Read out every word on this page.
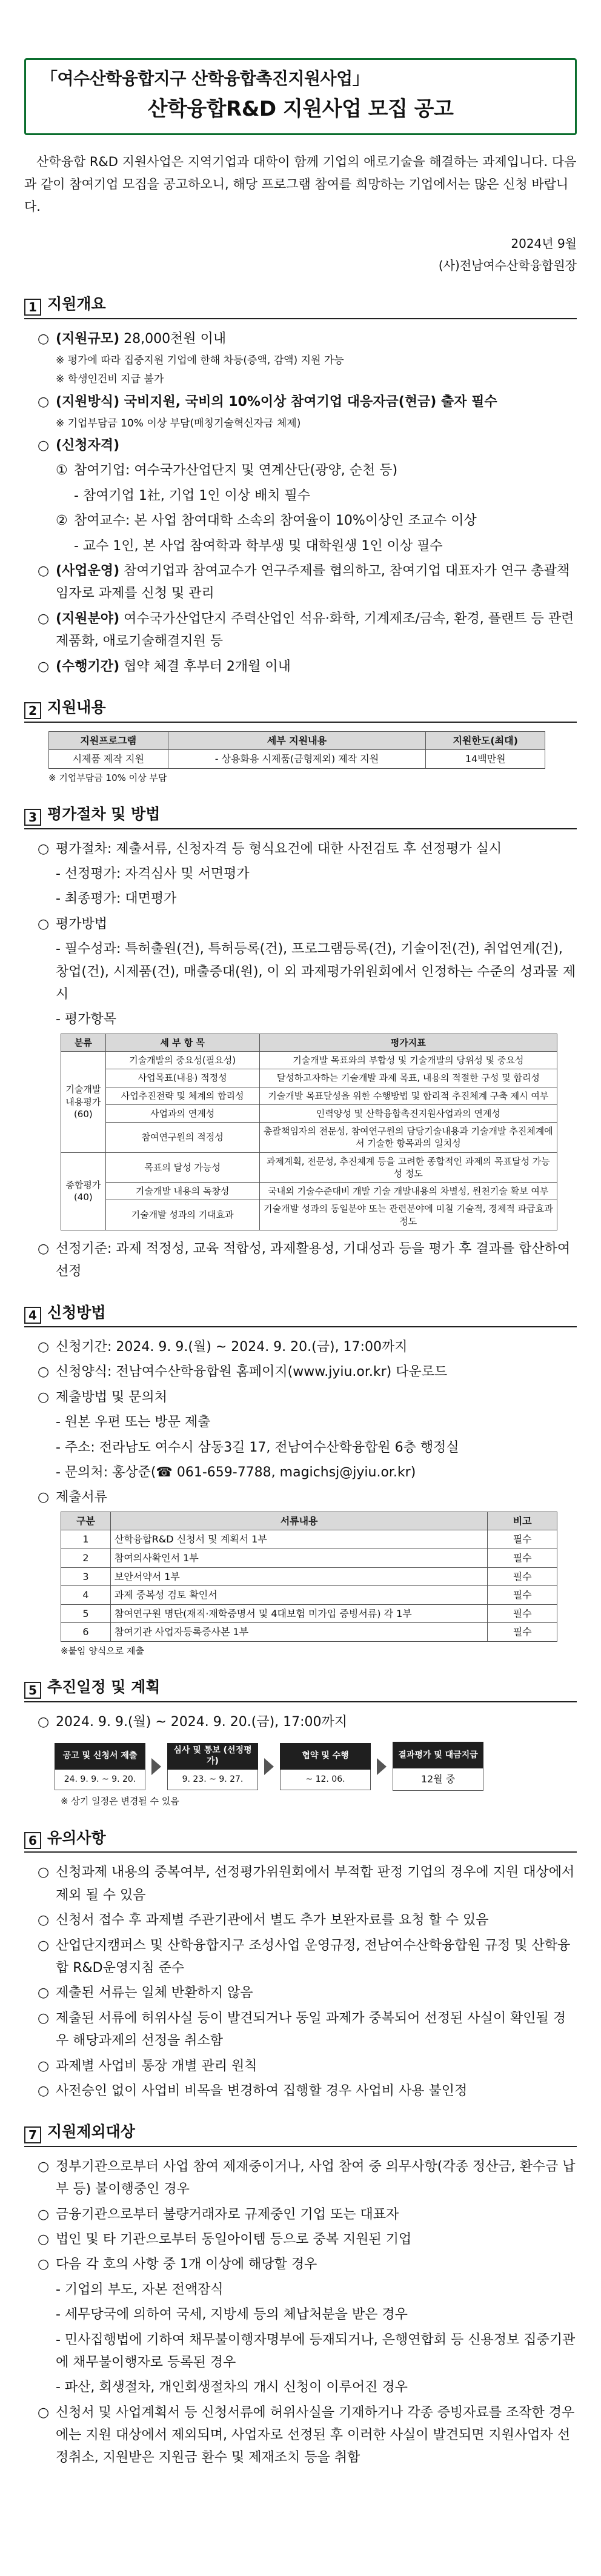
「여수산학융합지구 산학융합촉진지원사업」
산학융합R&D 지원사업 모집 공고

산학융합 R&D 지원사업은 지역기업과 대학이 함께 기업의 애로기술을 해결하는 과제입니다. 다음과 같이 참여기업 모집을 공고하오니, 해당 프로그램 참여를 희망하는 기업에서는 많은 신청 바랍니다.

2024년 9월
(사)전남여수산학융합원장
1 지원개요
○ (지원규모) 28,000천원 이내
※ 평가에 따라 집중지원 기업에 한해 차등(증액, 감액) 지원 가능
※ 학생인건비 지급 불가
○ (지원방식) 국비지원, 국비의 10%이상 참여기업 대응자금(현금) 출자 필수
※ 기업부담금 10% 이상 부담(매칭기술혁신자금 체제)
○ (신청자격)
① 참여기업: 여수국가산업단지 및 연계산단(광양, 순천 등)
- 참여기업 1社, 기업 1인 이상 배치 필수
② 참여교수: 본 사업 참여대학 소속의 참여율이 10%이상인 조교수 이상
- 교수 1인, 본 사업 참여학과 학부생 및 대학원생 1인 이상 필수
○ (사업운영) 참여기업과 참여교수가 연구주제를 협의하고, 참여기업 대표자가 연구 총괄책임자로 과제를 신청 및 관리
○ (지원분야) 여수국가산업단지 주력산업인 석유·화학, 기계제조/금속, 환경, 플랜트 등 관련 제품화, 애로기술해결지원 등
○ (수행기간) 협약 체결 후부터 2개월 이내
2 지원내용
지원프로그램	세부 지원내용	지원한도(최대)
시제품 제작 지원	- 상용화용 시제품(금형제외) 제작 지원	14백만원
※ 기업부담금 10% 이상 부담
3 평가절차 및 방법
○ 평가절차: 제출서류, 신청자격 등 형식요건에 대한 사전검토 후 선정평가 실시
- 선정평가: 자격심사 및 서면평가
- 최종평가: 대면평가
○ 평가방법
- 필수성과: 특허출원(건), 특허등록(건), 프로그램등록(건), 기술이전(건), 취업연계(건), 창업(건), 시제품(건), 매출증대(원), 이 외 과제평가위원회에서 인정하는 수준의 성과물 제시
- 평가항목
분류	세 부 항 목	평가지표
기술개발내용평가(60)	기술개발의 중요성(필요성)	기술개발 목표와의 부합성 및 기술개발의 당위성 및 중요성
	사업목표(내용) 적정성	달성하고자하는 기술개발 과제 목표, 내용의 적절한 구성 및 합리성
	사업추진전략 및 체계의 합리성	기술개발 목표달성을 위한 수행방법 및 합리적 추진체계 구축 제시 여부
	사업과의 연계성	인력양성 및 산학융합촉진지원사업과의 연계성
	참여연구원의 적정성	총괄책임자의 전문성, 참여연구원의 담당기술내용과 기술개발 추진체계에서 기술한 항목과의 일치성
종합평가(40)	목표의 달성 가능성	과제계획, 전문성, 추진체계 등을 고려한 종합적인 과제의 목표달성 가능성 정도
	기술개발 내용의 독창성	국내외 기술수준대비 개발 기술 개발내용의 차별성, 원천기술 확보 여부
	기술개발 성과의 기대효과	기술개발 성과의 동일분야 또는 관련분야에 미칠 기술적, 경제적 파급효과 정도
○ 선정기준: 과제 적정성, 교육 적합성, 과제활용성, 기대성과 등을 평가 후 결과를 합산하여 선정
4 신청방법
○ 신청기간: 2024. 9. 9.(월) ~ 2024. 9. 20.(금), 17:00까지
○ 신청양식: 전남여수산학융합원 홈페이지(www.jyiu.or.kr) 다운로드
○ 제출방법 및 문의처
- 원본 우편 또는 방문 제출
- 주소: 전라남도 여수시 삼동3길 17, 전남여수산학융합원 6층 행정실
- 문의처: 홍상준(☎ 061-659-7788, magichsj@jyiu.or.kr)
○ 제출서류
구분	서류내용	비고
1	산학융합R&D 신청서 및 계획서 1부	필수
2	참여의사확인서 1부	필수
3	보안서약서 1부	필수
4	과제 중복성 검토 확인서	필수
5	참여연구원 명단(재직·재학증명서 및 4대보험 미가입 증빙서류) 각 1부	필수
6	참여기관 사업자등록증사본 1부	필수
※붙임 양식으로 제출
5 추진일정 및 계획
○ 2024. 9. 9.(월) ~ 2024. 9. 20.(금), 17:00까지
공고 및 신청서 제출
24. 9. 9. ~ 9. 20.
심사 및 통보 (선정평가)
9. 23. ~ 9. 27.
협약 및 수행
~ 12. 06.
결과평가 및 대금지급
12월 중
※ 상기 일정은 변경될 수 있음
6 유의사항
○ 신청과제 내용의 중복여부, 선정평가위원회에서 부적합 판정 기업의 경우에 지원 대상에서 제외 될 수 있음
○ 신청서 접수 후 과제별 주관기관에서 별도 추가 보완자료를 요청 할 수 있음
○ 산업단지캠퍼스 및 산학융합지구 조성사업 운영규정, 전남여수산학융합원 규정 및 산학융합 R&D운영지침 준수
○ 제출된 서류는 일체 반환하지 않음
○ 제출된 서류에 허위사실 등이 발견되거나 동일 과제가 중복되어 선정된 사실이 확인될 경우 해당과제의 선정을 취소함
○ 과제별 사업비 통장 개별 관리 원칙
○ 사전승인 없이 사업비 비목을 변경하여 집행할 경우 사업비 사용 불인정
7 지원제외대상
○ 정부기관으로부터 사업 참여 제재중이거나, 사업 참여 중 의무사항(각종 정산금, 환수금 납부 등) 불이행중인 경우
○ 금융기관으로부터 불량거래자로 규제중인 기업 또는 대표자
○ 법인 및 타 기관으로부터 동일아이템 등으로 중복 지원된 기업
○ 다음 각 호의 사항 중 1개 이상에 해당할 경우
- 기업의 부도, 자본 전액잠식
- 세무당국에 의하여 국세, 지방세 등의 체납처분을 받은 경우
- 민사집행법에 기하여 채무불이행자명부에 등재되거나, 은행연합회 등 신용정보 집중기관에 채무불이행자로 등록된 경우
- 파산, 회생절차, 개인회생절차의 개시 신청이 이루어진 경우
○ 신청서 및 사업계획서 등 신청서류에 허위사실을 기재하거나 각종 증빙자료를 조작한 경우에는 지원 대상에서 제외되며, 사업자로 선정된 후 이러한 사실이 발견되면 지원사업자 선정취소, 지원받은 지원금 환수 및 제재조치 등을 취함
